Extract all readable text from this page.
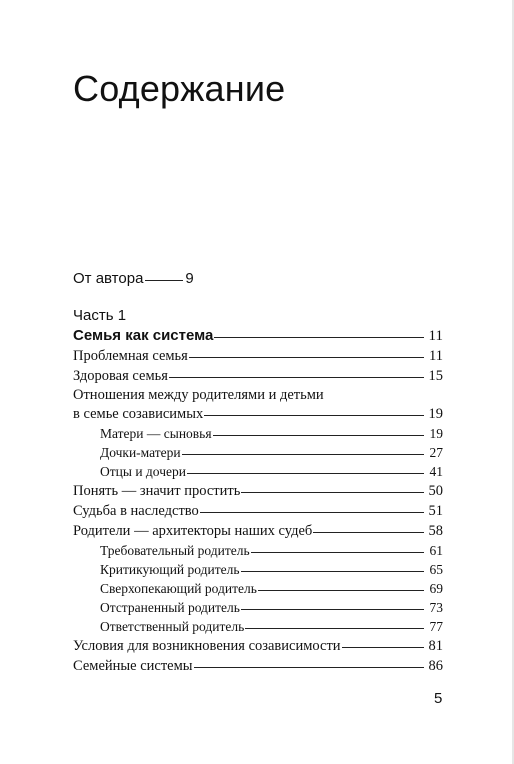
Содержание
От автора	9
Часть 1
Семья как система	11
Проблемная семья	11
Здоровая семья	15
Отношения между родителями и детьми
в семье созависимых	19
Матери — сыновья	19
Дочки-матери	27
Отцы и дочери	41
Понять — значит простить	50
Судьба в наследство	51
Родители — архитекторы наших судеб	58
Требовательный родитель	61
Критикующий родитель	65
Сверхопекающий родитель	69
Отстраненный родитель	73
Ответственный родитель	77
Условия для возникновения созависимости	81
Семейные системы	86
5
